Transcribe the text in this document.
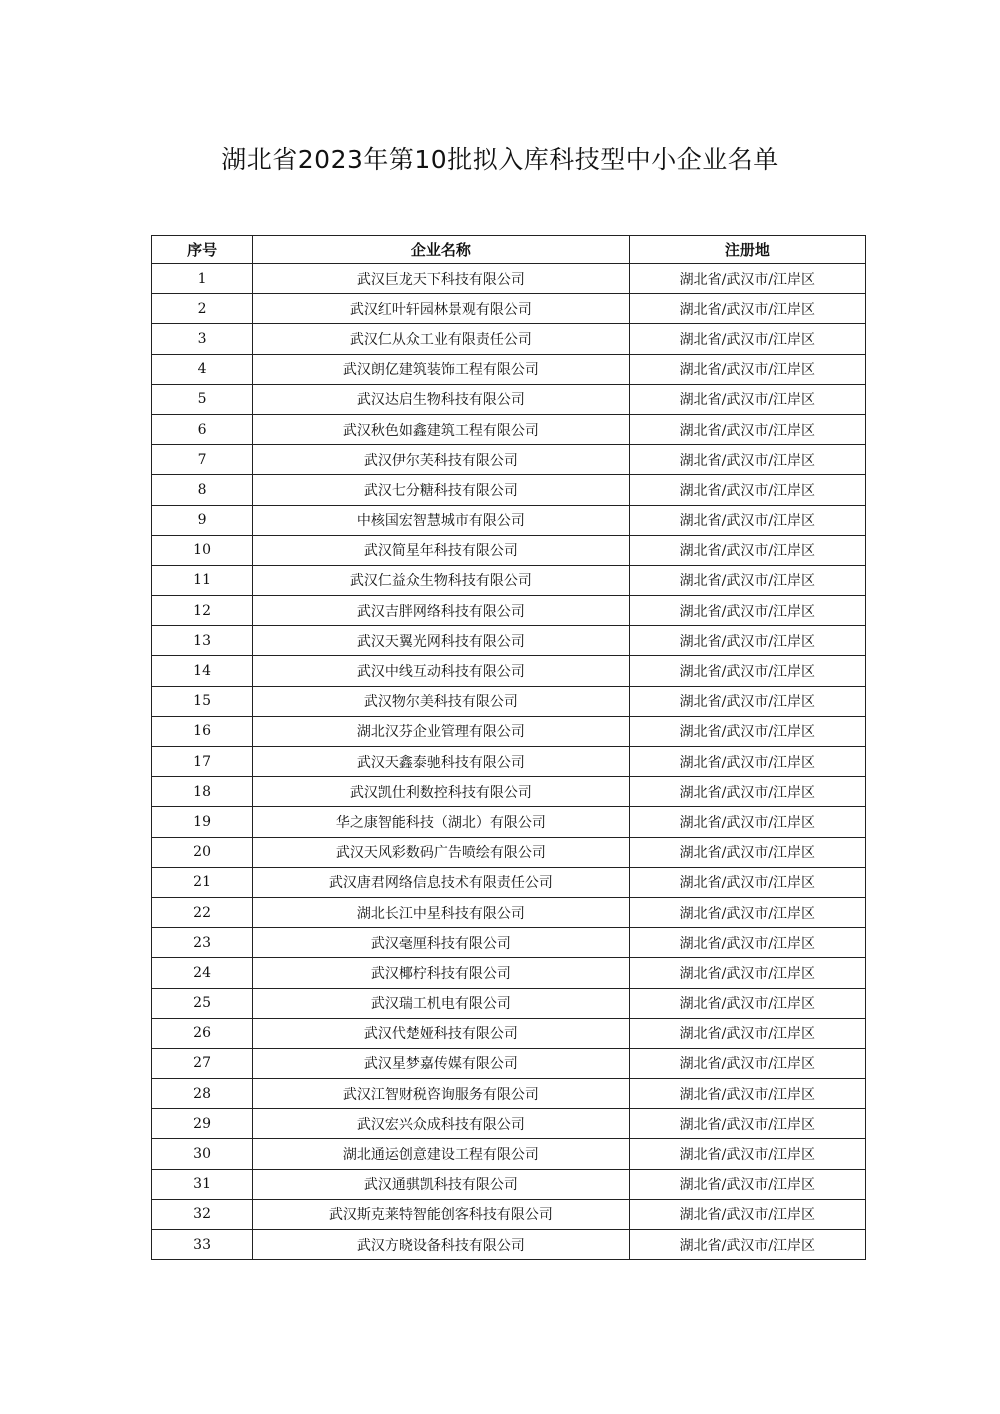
湖北省2023年第10批拟入库科技型中小企业名单
序号	企业名称	注册地
1	武汉巨龙天下科技有限公司	湖北省/武汉市/江岸区
2	武汉红叶轩园林景观有限公司	湖北省/武汉市/江岸区
3	武汉仁从众工业有限责任公司	湖北省/武汉市/江岸区
4	武汉朗亿建筑装饰工程有限公司	湖北省/武汉市/江岸区
5	武汉达启生物科技有限公司	湖北省/武汉市/江岸区
6	武汉秋色如鑫建筑工程有限公司	湖北省/武汉市/江岸区
7	武汉伊尔芙科技有限公司	湖北省/武汉市/江岸区
8	武汉七分糖科技有限公司	湖北省/武汉市/江岸区
9	中核国宏智慧城市有限公司	湖北省/武汉市/江岸区
10	武汉简星年科技有限公司	湖北省/武汉市/江岸区
11	武汉仁益众生物科技有限公司	湖北省/武汉市/江岸区
12	武汉吉胖网络科技有限公司	湖北省/武汉市/江岸区
13	武汉天翼光网科技有限公司	湖北省/武汉市/江岸区
14	武汉中线互动科技有限公司	湖北省/武汉市/江岸区
15	武汉物尔美科技有限公司	湖北省/武汉市/江岸区
16	湖北汉芬企业管理有限公司	湖北省/武汉市/江岸区
17	武汉天鑫泰驰科技有限公司	湖北省/武汉市/江岸区
18	武汉凯仕利数控科技有限公司	湖北省/武汉市/江岸区
19	华之康智能科技（湖北）有限公司	湖北省/武汉市/江岸区
20	武汉天风彩数码广告喷绘有限公司	湖北省/武汉市/江岸区
21	武汉唐君网络信息技术有限责任公司	湖北省/武汉市/江岸区
22	湖北长江中星科技有限公司	湖北省/武汉市/江岸区
23	武汉毫厘科技有限公司	湖北省/武汉市/江岸区
24	武汉椰柠科技有限公司	湖北省/武汉市/江岸区
25	武汉瑞工机电有限公司	湖北省/武汉市/江岸区
26	武汉代楚娅科技有限公司	湖北省/武汉市/江岸区
27	武汉星梦嘉传媒有限公司	湖北省/武汉市/江岸区
28	武汉江智财税咨询服务有限公司	湖北省/武汉市/江岸区
29	武汉宏兴众成科技有限公司	湖北省/武汉市/江岸区
30	湖北通运创意建设工程有限公司	湖北省/武汉市/江岸区
31	武汉通骐凯科技有限公司	湖北省/武汉市/江岸区
32	武汉斯克莱特智能创客科技有限公司	湖北省/武汉市/江岸区
33	武汉方晓设备科技有限公司	湖北省/武汉市/江岸区
